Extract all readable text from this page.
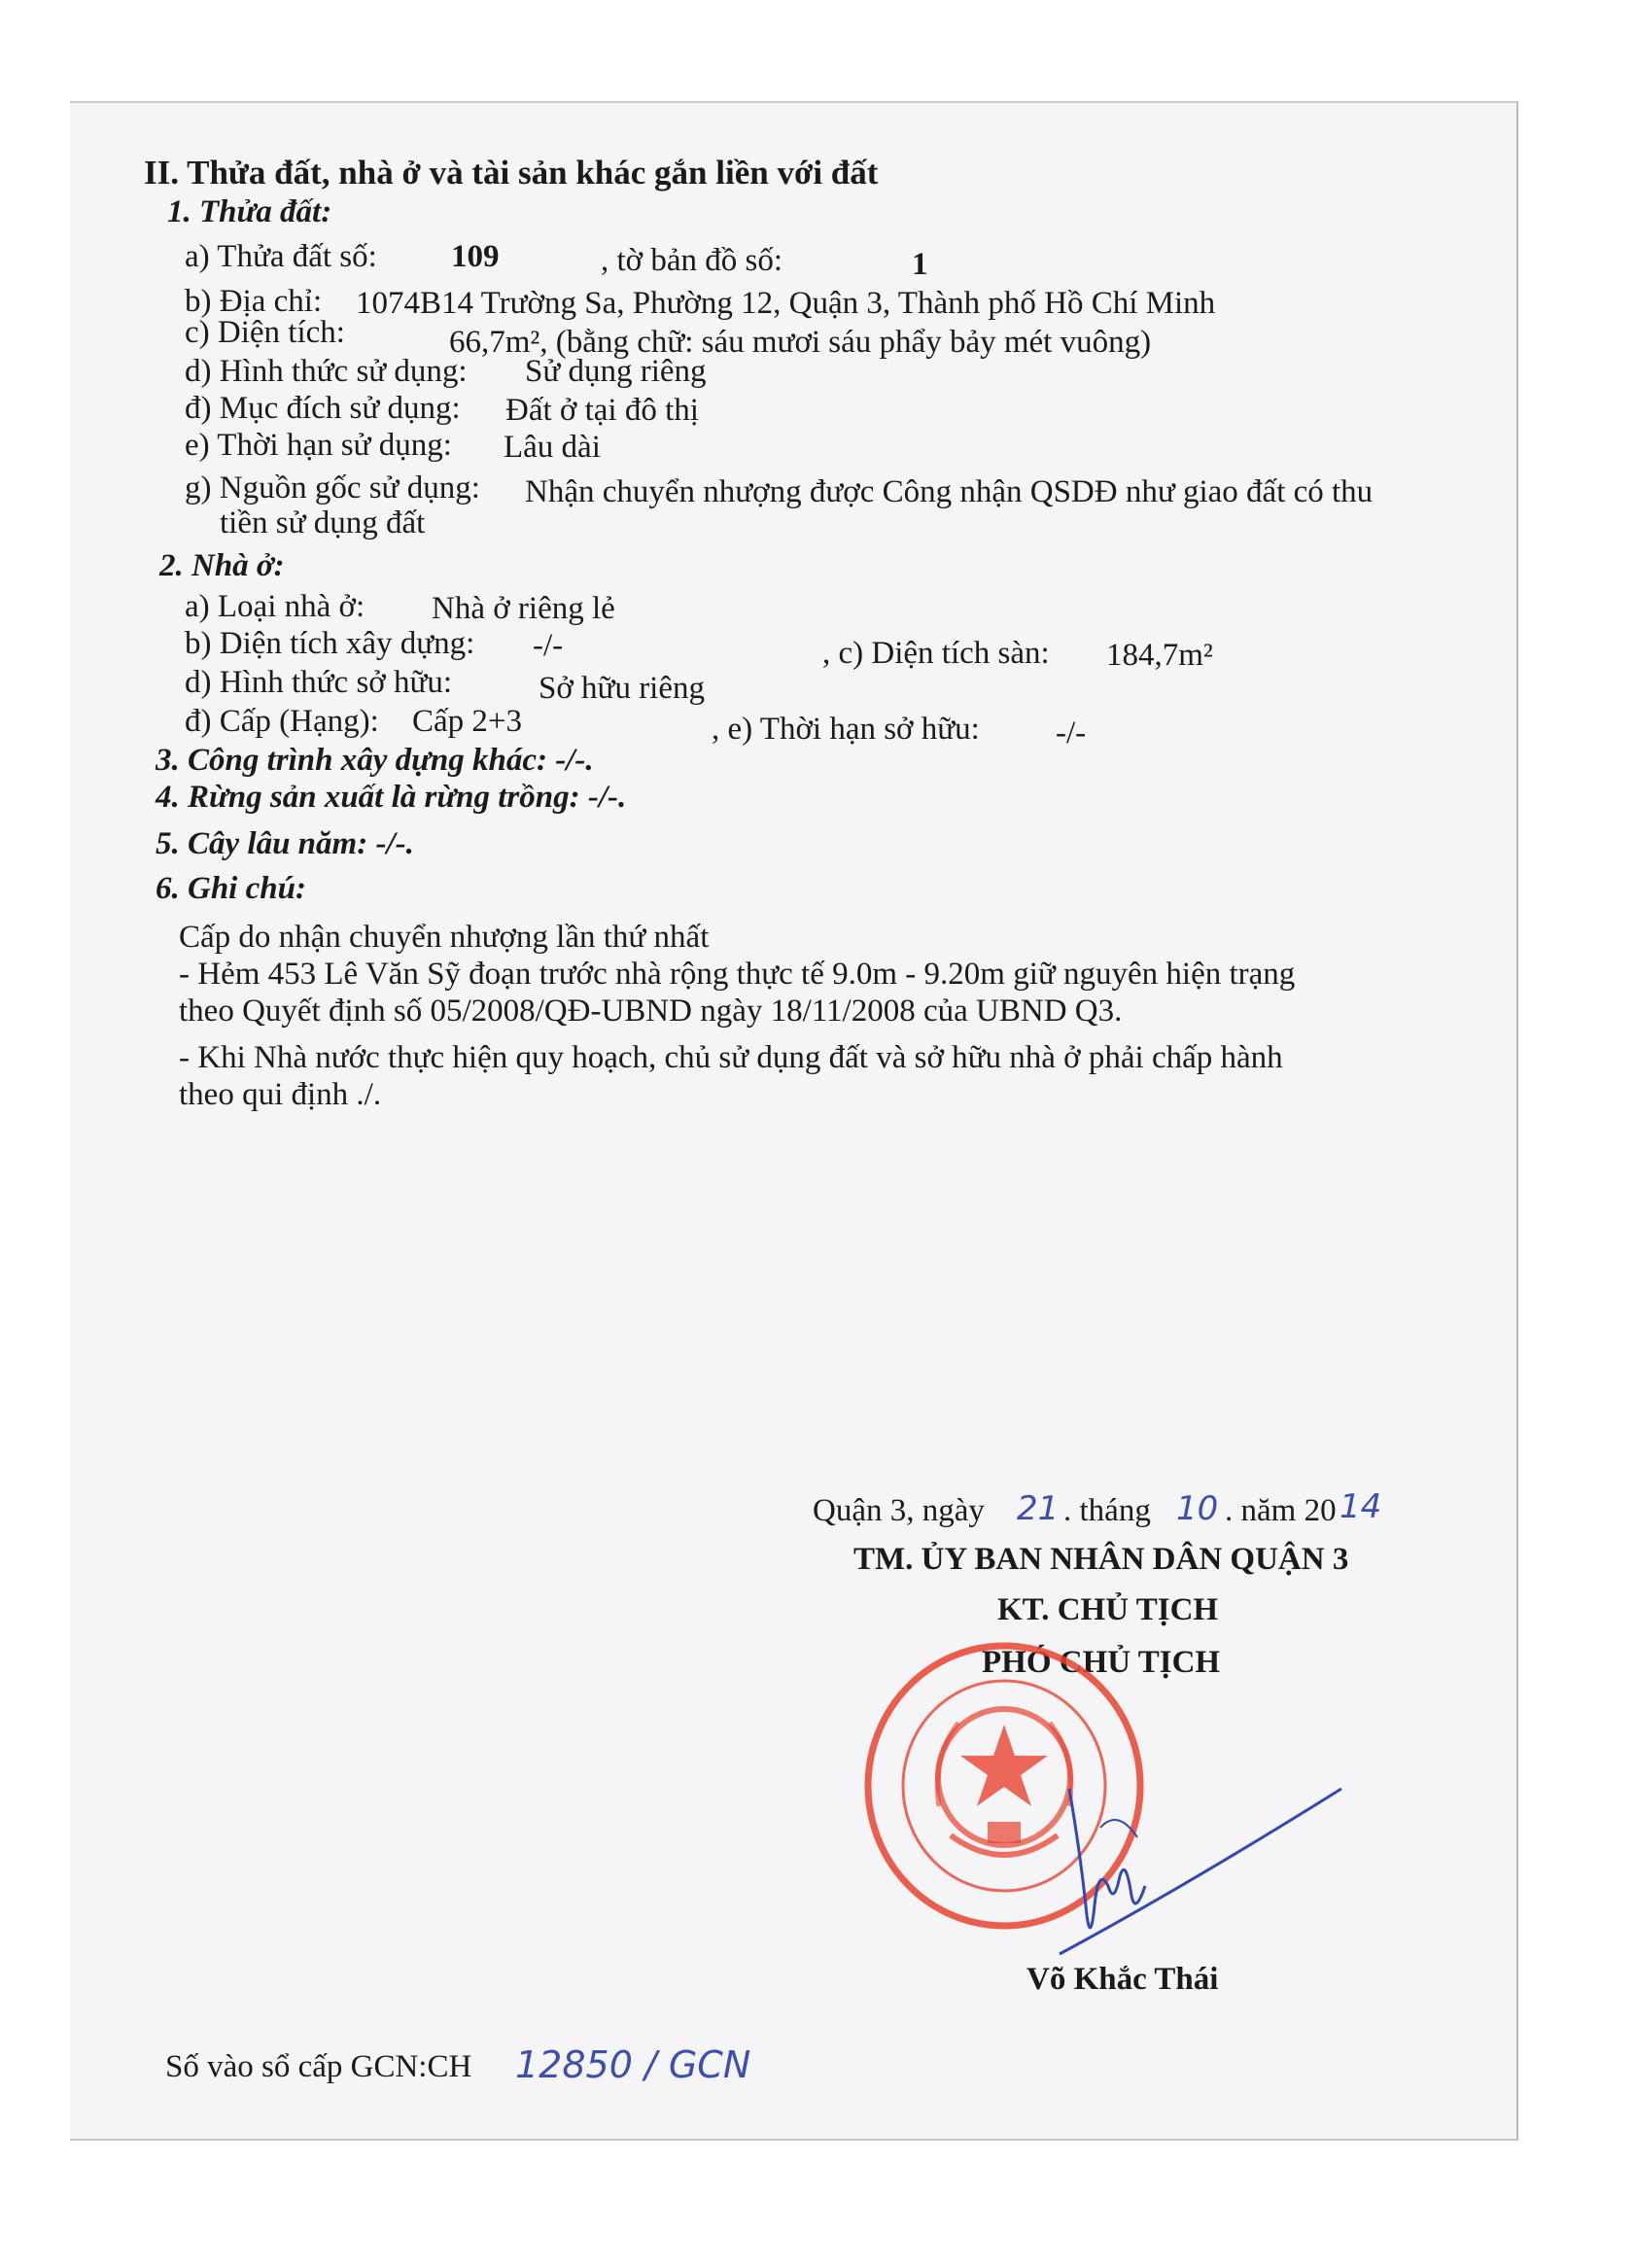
II. Thửa đất, nhà ở và tài sản khác gắn liền với đất
1. Thửa đất:
a) Thửa đất số: 109	, tờ bản đồ số:	1
b) Địa chỉ: 1074B14 Trường Sa, Phường 12, Quận 3, Thành phố Hồ Chí Minh
c) Diện tích:	66,7m², (bằng chữ: sáu mươi sáu phẩy bảy mét vuông)
d) Hình thức sử dụng: Sử dụng riêng
đ) Mục đích sử dụng: Đất ở tại đô thị
e) Thời hạn sử dụng: Lâu dài
g) Nguồn gốc sử dụng: Nhận chuyển nhượng được Công nhận QSDĐ như giao đất có thu
tiền sử dụng đất
2. Nhà ở:
a) Loại nhà ở: Nhà ở riêng lẻ
b) Diện tích xây dựng: -/-	, c) Diện tích sàn: 184,7m²
d) Hình thức sở hữu:	Sở hữu riêng
đ) Cấp (Hạng): Cấp 2+3	, e) Thời hạn sở hữu: -/-
3. Công trình xây dựng khác: -/-.
4. Rừng sản xuất là rừng trồng: -/-.
5. Cây lâu năm: -/-.
6. Ghi chú:
Cấp do nhận chuyển nhượng lần thứ nhất
- Hẻm 453 Lê Văn Sỹ đoạn trước nhà rộng thực tế 9.0m - 9.20m giữ nguyên hiện trạng
theo Quyết định số 05/2008/QĐ-UBND ngày 18/11/2008 của UBND Q3.
- Khi Nhà nước thực hiện quy hoạch, chủ sử dụng đất và sở hữu nhà ở phải chấp hành
theo qui định ./.
Quận 3, ngày 21 . tháng 10 . năm 20 14
TM. ỦY BAN NHÂN DÂN QUẬN 3
KT. CHỦ TỊCH
PHÓ CHỦ TỊCH
Võ Khắc Thái
Số vào sổ cấp GCN:CH 12850 / GCN
